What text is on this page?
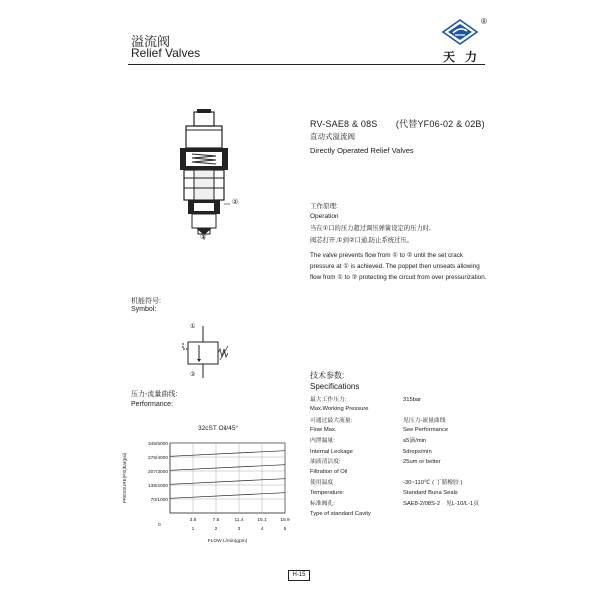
溢流阀
Relief Valves
®
天力
②
①
RV-SAE8 & 08S　　(代替YF06-02 & 02B)
直动式溢流阀
Directly Operated Relief Valves
工作原理:
Operation
当在①口的压力超过调压弹簧设定的压力时,
阀芯打开,①到②口通,防止系统过压。
The valve prevents flow from ① to ② until the set crack
pressure at ① is achieved. The poppet then unseats allowing
flow from ① to ② protecting the circuit from over pressurization.
机能符号:
Symbol:
①
②
压力-流量曲线:
Performance:
32cST Oil/45°
345/5000
276/4000
207/3000
138/2000
70/1000
3.8
1
7.5
2
11.4
3
15.1
4
18.9
5
0
PRESSURE(PSI)bar(psi)
FLOW L/min(gpm)
技术参数:
Specifications
最大工作压力:
Max.Working Pressure
315bar
可通过最大流量:
Flow Max.
见压力-流量曲线
See Performance
内泄漏量:
Internal Leckage
≤5滴/min
5drops/min
油液清洁度:
Filtration of Oil
25um or better
使用温度
Temperature:
-30~110℃ ( 丁腈橡胶 )
Standard Buna Seals
标准阀孔:
Type of standard Cavity
SAE8-2/08S-2　见L-10/L-1页
H-15
